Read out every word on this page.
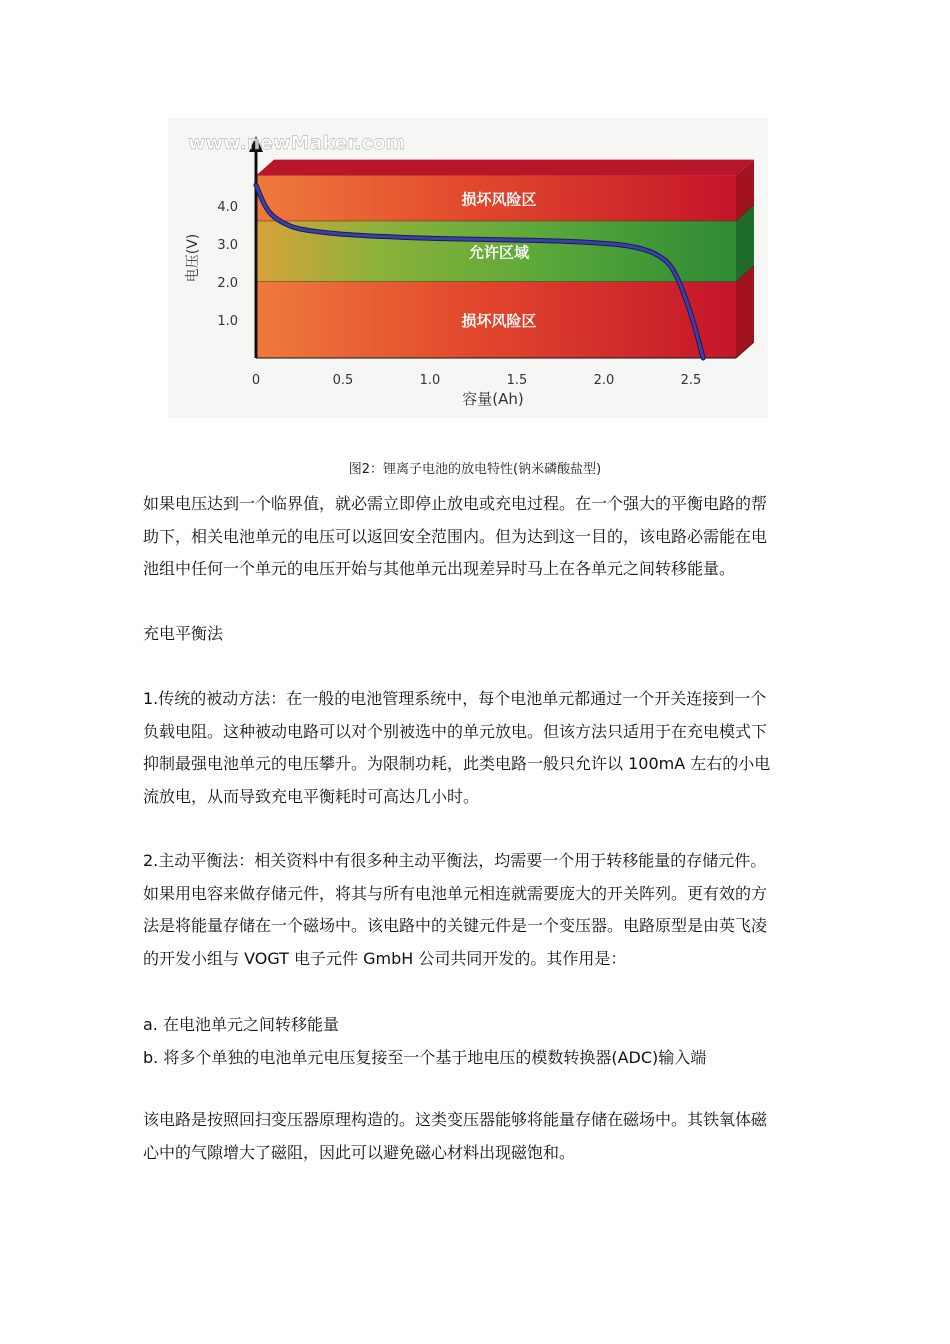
损坏风险区
允许区域
损坏风险区
1.0
2.0
3.0
4.0
0	0.5	1.0	1.5	2.0	2.5
www.newMaker.com
容量(Ah)
电压(V)
图2：锂离子电池的放电特性(钠米磷酸盐型)
如果电压达到一个临界值，就必需立即停止放电或充电过程。在一个强大的平衡电路的帮
助下，相关电池单元的电压可以返回安全范围内。但为达到这一目的，该电路必需能在电
池组中任何一个单元的电压开始与其他单元出现差异时马上在各单元之间转移能量。
充电平衡法
1.传统的被动方法：在一般的电池管理系统中，每个电池单元都通过一个开关连接到一个
负载电阻。这种被动电路可以对个别被选中的单元放电。但该方法只适用于在充电模式下
抑制最强电池单元的电压攀升。为限制功耗，此类电路一般只允许以 100mA 左右的小电
流放电，从而导致充电平衡耗时可高达几小时。
2.主动平衡法：相关资料中有很多种主动平衡法，均需要一个用于转移能量的存储元件。
如果用电容来做存储元件，将其与所有电池单元相连就需要庞大的开关阵列。更有效的方
法是将能量存储在一个磁场中。该电路中的关键元件是一个变压器。电路原型是由英飞凌
的开发小组与 VOGT 电子元件 GmbH 公司共同开发的。其作用是：
a. 在电池单元之间转移能量
b. 将多个单独的电池单元电压复接至一个基于地电压的模数转换器(ADC)输入端
该电路是按照回扫变压器原理构造的。这类变压器能够将能量存储在磁场中。其铁氧体磁
心中的气隙增大了磁阻，因此可以避免磁心材料出现磁饱和。
